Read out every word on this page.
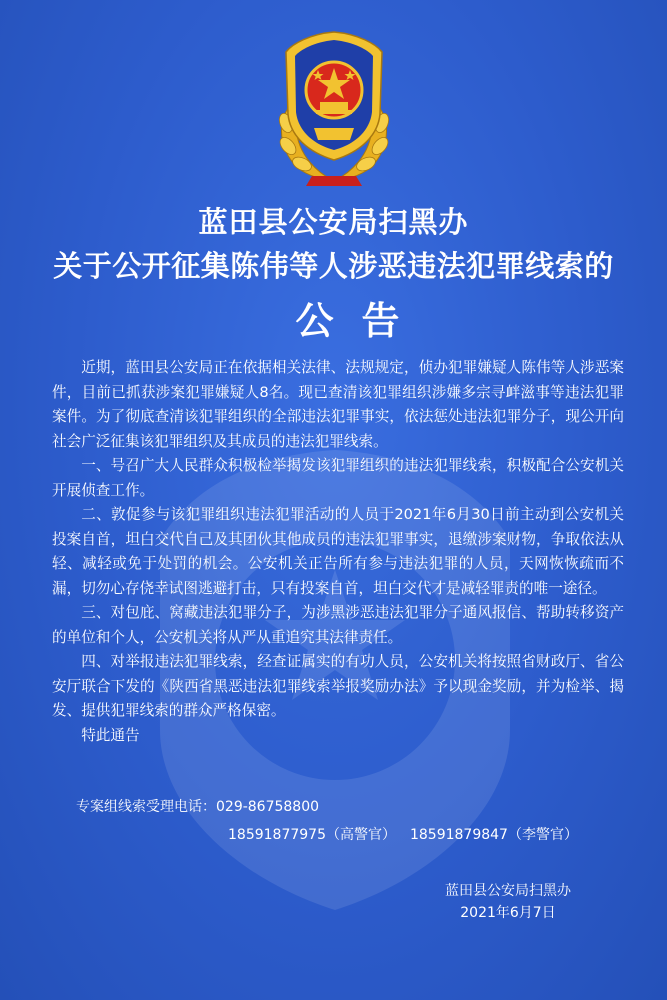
蓝田县公安局扫黑办
关于公开征集陈伟等人涉恶违法犯罪线索的
公告

近期，蓝田县公安局正在依据相关法律、法规规定，侦办犯罪嫌疑人陈伟等人涉恶案件，目前已抓获涉案犯罪嫌疑人8名。现已查清该犯罪组织涉嫌多宗寻衅滋事等违法犯罪案件。为了彻底查清该犯罪组织的全部违法犯罪事实，依法惩处违法犯罪分子，现公开向社会广泛征集该犯罪组织及其成员的违法犯罪线索。

一、号召广大人民群众积极检举揭发该犯罪组织的违法犯罪线索，积极配合公安机关开展侦查工作。

二、敦促参与该犯罪组织违法犯罪活动的人员于2021年6月30日前主动到公安机关投案自首，坦白交代自己及其团伙其他成员的违法犯罪事实，退缴涉案财物，争取依法从轻、减轻或免于处罚的机会。公安机关正告所有参与违法犯罪的人员，天网恢恢疏而不漏，切勿心存侥幸试图逃避打击，只有投案自首，坦白交代才是减轻罪责的唯一途径。

三、对包庇、窝藏违法犯罪分子，为涉黑涉恶违法犯罪分子通风报信、帮助转移资产的单位和个人，公安机关将从严从重追究其法律责任。

四、对举报违法犯罪线索，经查证属实的有功人员，公安机关将按照省财政厅、省公安厅联合下发的《陕西省黑恶违法犯罪线索举报奖励办法》予以现金奖励，并为检举、揭发、提供犯罪线索的群众严格保密。

特此通告

专案组线索受理电话：029-86758800
18591877975（高警官） 18591879847（李警官）
蓝田县公安局扫黑办
2021年6月7日
